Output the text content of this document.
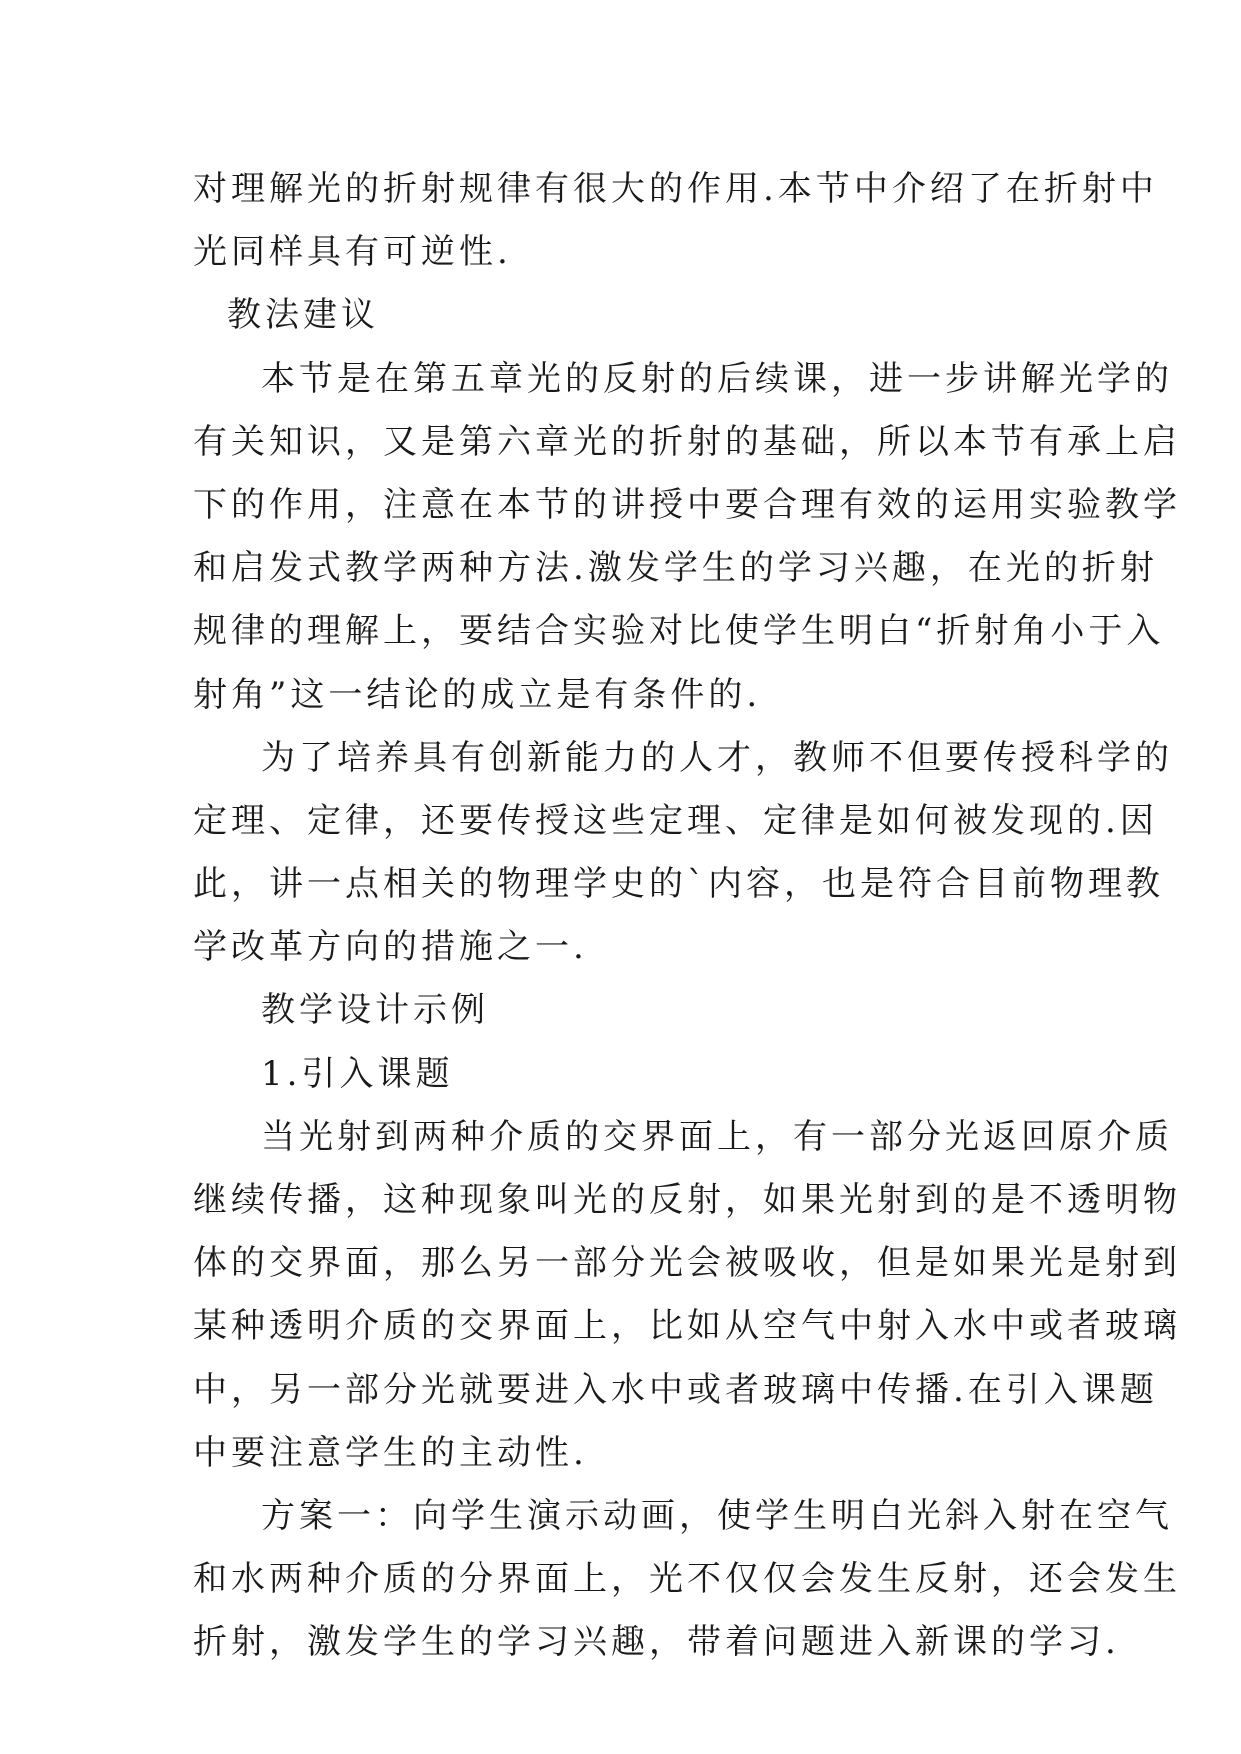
对 理 解 光 的 折 射 规 律 有 很 大 的 作 用 . 本 节 中 介 绍 了 在 折 射 中
光同样具有可逆性.
教法建议
本 节 是 在 第 五 章 光 的 反 射 的 后 续 课 ， 进 一 步 讲 解 光 学 的
有 关 知 识 ， 又 是 第 六 章 光 的 折 射 的 基 础 ， 所 以 本 节 有 承 上 启
下 的 作 用 ， 注 意 在 本 节 的 讲 授 中 要 合 理 有 效 的 运 用 实 验 教 学
和 启 发 式 教 学 两 种 方 法 . 激 发 学 生 的 学 习 兴 趣 ， 在 光 的 折 射
规 律 的 理 解 上 ， 要 结 合 实 验 对 比 使 学 生 明 白 “ 折 射 角 小 于 入
射角”这一结论的成立是有条件的.
为 了 培 养 具 有 创 新 能 力 的 人 才 ， 教 师 不 但 要 传 授 科 学 的
定 理 、 定 律 ， 还 要 传 授 这 些 定 理 、 定 律 是 如 何 被 发 现 的 . 因
此 ， 讲 一 点 相 关 的 物 理 学 史 的 ` 内 容 ， 也 是 符 合 目 前 物 理 教
学改革方向的措施之一.
教学设计示例
1.引入课题
当 光 射 到 两 种 介 质 的 交 界 面 上 ， 有 一 部 分 光 返 回 原 介 质
继 续 传 播 ， 这 种 现 象 叫 光 的 反 射 ， 如 果 光 射 到 的 是 不 透 明 物
体 的 交 界 面 ， 那 么 另 一 部 分 光 会 被 吸 收 ， 但 是 如 果 光 是 射 到
某 种 透 明 介 质 的 交 界 面 上 ， 比 如 从 空 气 中 射 入 水 中 或 者 玻 璃
中 ， 另 一 部 分 光 就 要 进 入 水 中 或 者 玻 璃 中 传 播 . 在 引 入 课 题
中要注意学生的主动性.
方 案 一 ： 向 学 生 演 示 动 画 ， 使 学 生 明 白 光 斜 入 射 在 空 气
和 水 两 种 介 质 的 分 界 面 上 ， 光 不 仅 仅 会 发 生 反 射 ， 还 会 发 生
折射，激发学生的学习兴趣，带着问题进入新课的学习.
